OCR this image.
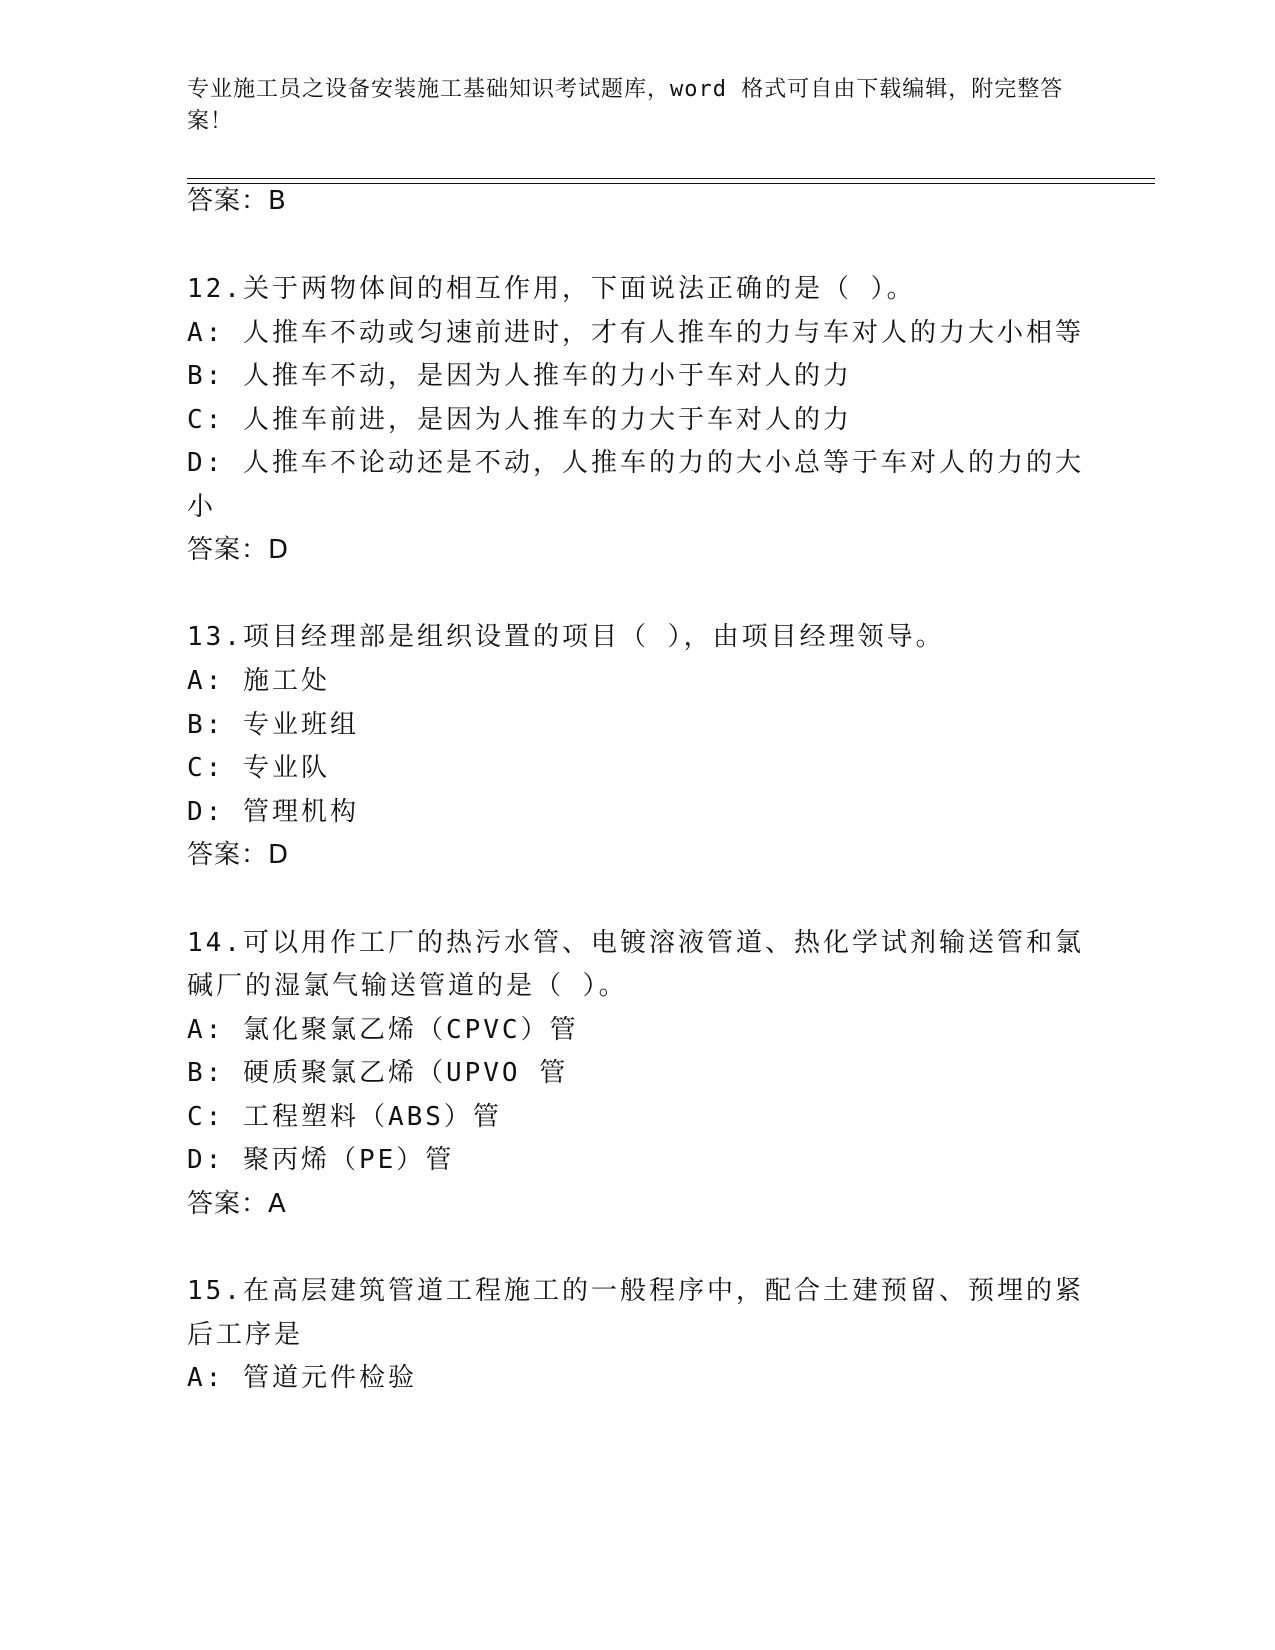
专业施工员之设备安装施工基础知识考试题库，word 格式可自由下载编辑，附完整答案！
答案：B
12.关于两物体间的相互作用，下面说法正确的是（ ）。
A: 人推车不动或匀速前进时，才有人推车的力与车对人的力大小相等
B: 人推车不动，是因为人推车的力小于车对人的力
C: 人推车前进，是因为人推车的力大于车对人的力
D: 人推车不论动还是不动，人推车的力的大小总等于车对人的力的大
小
答案：D
13.项目经理部是组织设置的项目（ ），由项目经理领导。
A: 施工处
B: 专业班组
C: 专业队
D: 管理机构
答案：D
14.可以用作工厂的热污水管、电镀溶液管道、热化学试剂输送管和氯
碱厂的湿氯气输送管道的是（ ）。
A: 氯化聚氯乙烯（CPVC）管
B: 硬质聚氯乙烯（UPVO 管
C: 工程塑料（ABS）管
D: 聚丙烯（PE）管
答案：A
15.在高层建筑管道工程施工的一般程序中，配合土建预留、预埋的紧
后工序是
A: 管道元件检验
